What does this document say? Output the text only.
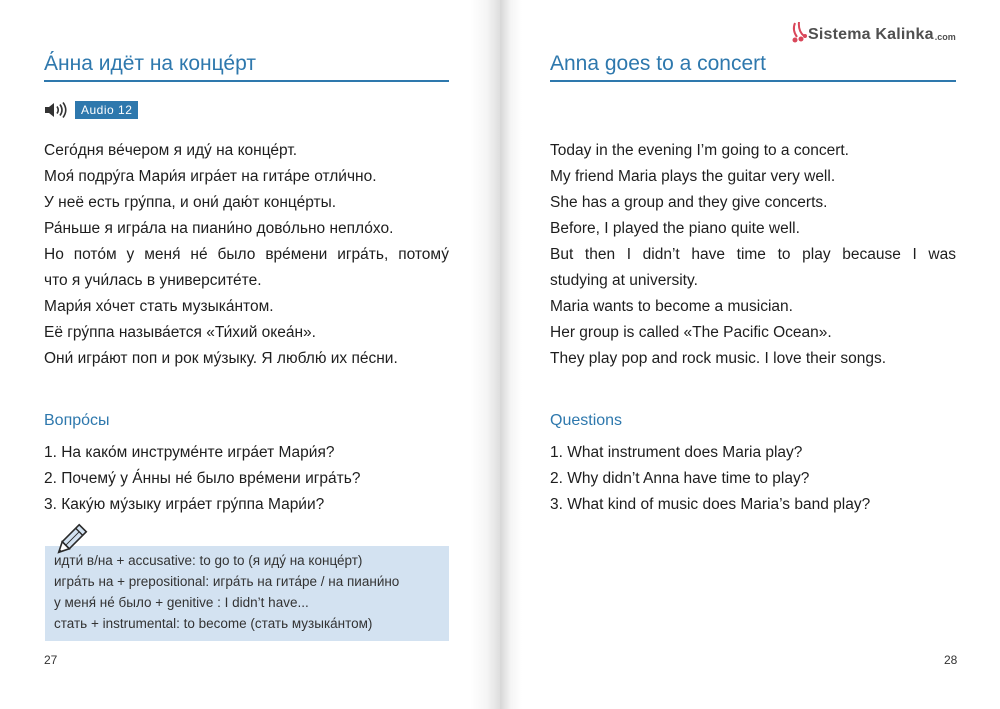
А́нна идёт на конце́рт
Audio 12
Сего́дня ве́чером я иду́ на конце́рт.
Моя́ подру́га Мари́я игра́ет на гита́ре отли́чно.
У неё есть гру́ппа, и они́ даю́т конце́рты.
Ра́ньше я игра́ла на пиани́но дово́льно непло́хо.
Но пото́м у меня́ не́ было вре́мени игра́ть, потому́
что я учи́лась в университе́те.
Мари́я хо́чет стать музыка́нтом.
Её гру́ппа называ́ется «Ти́хий океа́н».
Они́ игра́ют поп и рок му́зыку. Я люблю́ их пе́сни.
Вопро́сы
1. На како́м инструме́нте игра́ет Мари́я?
2. Почему́ у А́нны не́ было вре́мени игра́ть?
3. Каку́ю му́зыку игра́ет гру́ппа Мари́и?
идти́ в/на + accusative: to go to (я иду́ на конце́рт)
игра́ть на + prepositional: игра́ть на гита́ре / на пиани́но
у меня́ не́ было + genitive : I didn’t have...
стать + instrumental: to become (стать музыка́нтом)
27
Anna goes to a concert
Today in the evening I’m going to a concert.
My friend Maria plays the guitar very well.
She has a group and they give concerts.
Before, I played the piano quite well.
But then I didn’t have time to play because I was
studying at university.
Maria wants to become a musician.
Her group is called «The Pacific Ocean».
They play pop and rock music. I love their songs.
Questions
1. What instrument does Maria play?
2. Why didn’t Anna have time to play?
3. What kind of music does Maria’s band play?
28
Sistema Kalinka .com
